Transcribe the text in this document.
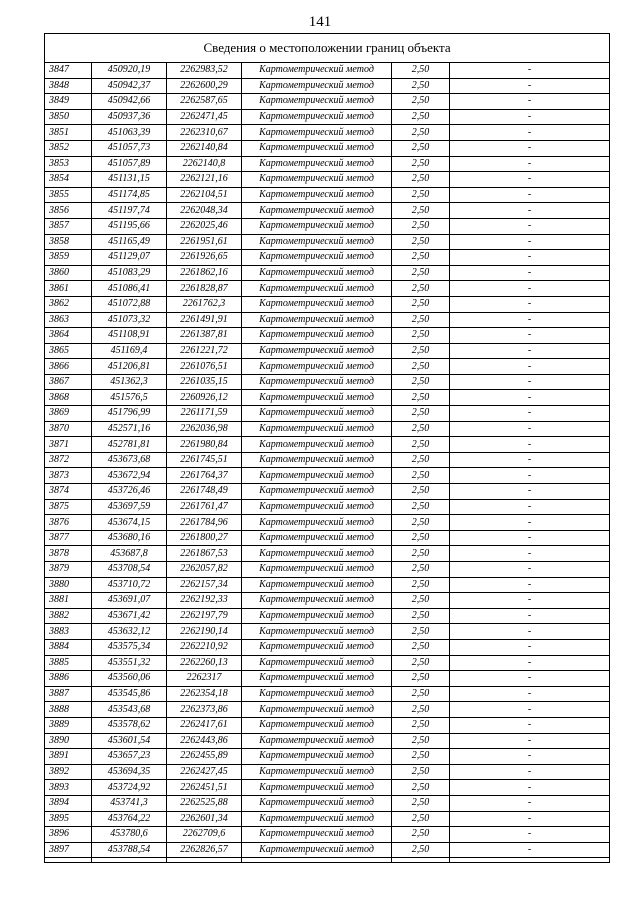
141
Сведения о местоположении границ объекта					
3847	450920,19	2262983,52	Картометрический метод	2,50	-
3848	450942,37	2262600,29	Картометрический метод	2,50	-
3849	450942,66	2262587,65	Картометрический метод	2,50	-
3850	450937,36	2262471,45	Картометрический метод	2,50	-
3851	451063,39	2262310,67	Картометрический метод	2,50	-
3852	451057,73	2262140,84	Картометрический метод	2,50	-
3853	451057,89	2262140,8	Картометрический метод	2,50	-
3854	451131,15	2262121,16	Картометрический метод	2,50	-
3855	451174,85	2262104,51	Картометрический метод	2,50	-
3856	451197,74	2262048,34	Картометрический метод	2,50	-
3857	451195,66	2262025,46	Картометрический метод	2,50	-
3858	451165,49	2261951,61	Картометрический метод	2,50	-
3859	451129,07	2261926,65	Картометрический метод	2,50	-
3860	451083,29	2261862,16	Картометрический метод	2,50	-
3861	451086,41	2261828,87	Картометрический метод	2,50	-
3862	451072,88	2261762,3	Картометрический метод	2,50	-
3863	451073,32	2261491,91	Картометрический метод	2,50	-
3864	451108,91	2261387,81	Картометрический метод	2,50	-
3865	451169,4	2261221,72	Картометрический метод	2,50	-
3866	451206,81	2261076,51	Картометрический метод	2,50	-
3867	451362,3	2261035,15	Картометрический метод	2,50	-
3868	451576,5	2260926,12	Картометрический метод	2,50	-
3869	451796,99	2261171,59	Картометрический метод	2,50	-
3870	452571,16	2262036,98	Картометрический метод	2,50	-
3871	452781,81	2261980,84	Картометрический метод	2,50	-
3872	453673,68	2261745,51	Картометрический метод	2,50	-
3873	453672,94	2261764,37	Картометрический метод	2,50	-
3874	453726,46	2261748,49	Картометрический метод	2,50	-
3875	453697,59	2261761,47	Картометрический метод	2,50	-
3876	453674,15	2261784,96	Картометрический метод	2,50	-
3877	453680,16	2261800,27	Картометрический метод	2,50	-
3878	453687,8	2261867,53	Картометрический метод	2,50	-
3879	453708,54	2262057,82	Картометрический метод	2,50	-
3880	453710,72	2262157,34	Картометрический метод	2,50	-
3881	453691,07	2262192,33	Картометрический метод	2,50	-
3882	453671,42	2262197,79	Картометрический метод	2,50	-
3883	453632,12	2262190,14	Картометрический метод	2,50	-
3884	453575,34	2262210,92	Картометрический метод	2,50	-
3885	453551,32	2262260,13	Картометрический метод	2,50	-
3886	453560,06	2262317	Картометрический метод	2,50	-
3887	453545,86	2262354,18	Картометрический метод	2,50	-
3888	453543,68	2262373,86	Картометрический метод	2,50	-
3889	453578,62	2262417,61	Картометрический метод	2,50	-
3890	453601,54	2262443,86	Картометрический метод	2,50	-
3891	453657,23	2262455,89	Картометрический метод	2,50	-
3892	453694,35	2262427,45	Картометрический метод	2,50	-
3893	453724,92	2262451,51	Картометрический метод	2,50	-
3894	453741,3	2262525,88	Картометрический метод	2,50	-
3895	453764,22	2262601,34	Картометрический метод	2,50	-
3896	453780,6	2262709,6	Картометрический метод	2,50	-
3897	453788,54	2262826,57	Картометрический метод	2,50	-
